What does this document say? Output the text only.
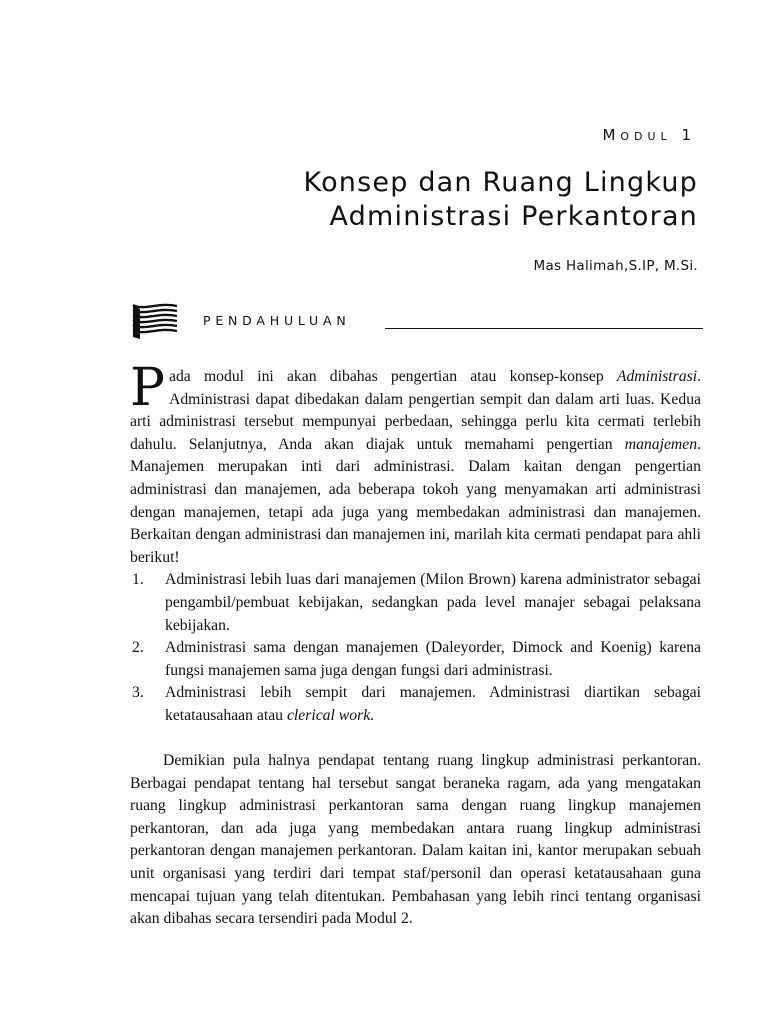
Modul 1
Konsep dan Ruang Lingkup
Administrasi Perkantoran
Mas Halimah,S.IP, M.Si.
PENDAHULUAN

Pada modul ini akan dibahas pengertian atau konsep-konsep Administrasi. Administrasi dapat dibedakan dalam pengertian sempit dan dalam arti luas. Kedua arti administrasi tersebut mempunyai perbedaan, sehingga perlu kita cermati terlebih dahulu. Selanjutnya, Anda akan diajak untuk memahami pengertian manajemen. Manajemen merupakan inti dari administrasi. Dalam kaitan dengan pengertian administrasi dan manajemen, ada beberapa tokoh yang menyamakan arti administrasi dengan manajemen, tetapi ada juga yang membedakan administrasi dan manajemen. Berkaitan dengan administrasi dan manajemen ini, marilah kita cermati pendapat para ahli berikut!

1. Administrasi lebih luas dari manajemen (Milon Brown) karena administrator sebagai pengambil/pembuat kebijakan, sedangkan pada level manajer sebagai pelaksana kebijakan.
2. Administrasi sama dengan manajemen (Daleyorder, Dimock and Koenig) karena fungsi manajemen sama juga dengan fungsi dari administrasi.
3. Administrasi lebih sempit dari manajemen. Administrasi diartikan sebagai ketatausahaan atau clerical work.

Demikian pula halnya pendapat tentang ruang lingkup administrasi perkantoran. Berbagai pendapat tentang hal tersebut sangat beraneka ragam, ada yang mengatakan ruang lingkup administrasi perkantoran sama dengan ruang lingkup manajemen perkantoran, dan ada juga yang membedakan antara ruang lingkup administrasi perkantoran dengan manajemen perkantoran. Dalam kaitan ini, kantor merupakan sebuah unit organisasi yang terdiri dari tempat staf/personil dan operasi ketatausahaan guna mencapai tujuan yang telah ditentukan. Pembahasan yang lebih rinci tentang organisasi akan dibahas secara tersendiri pada Modul 2.
